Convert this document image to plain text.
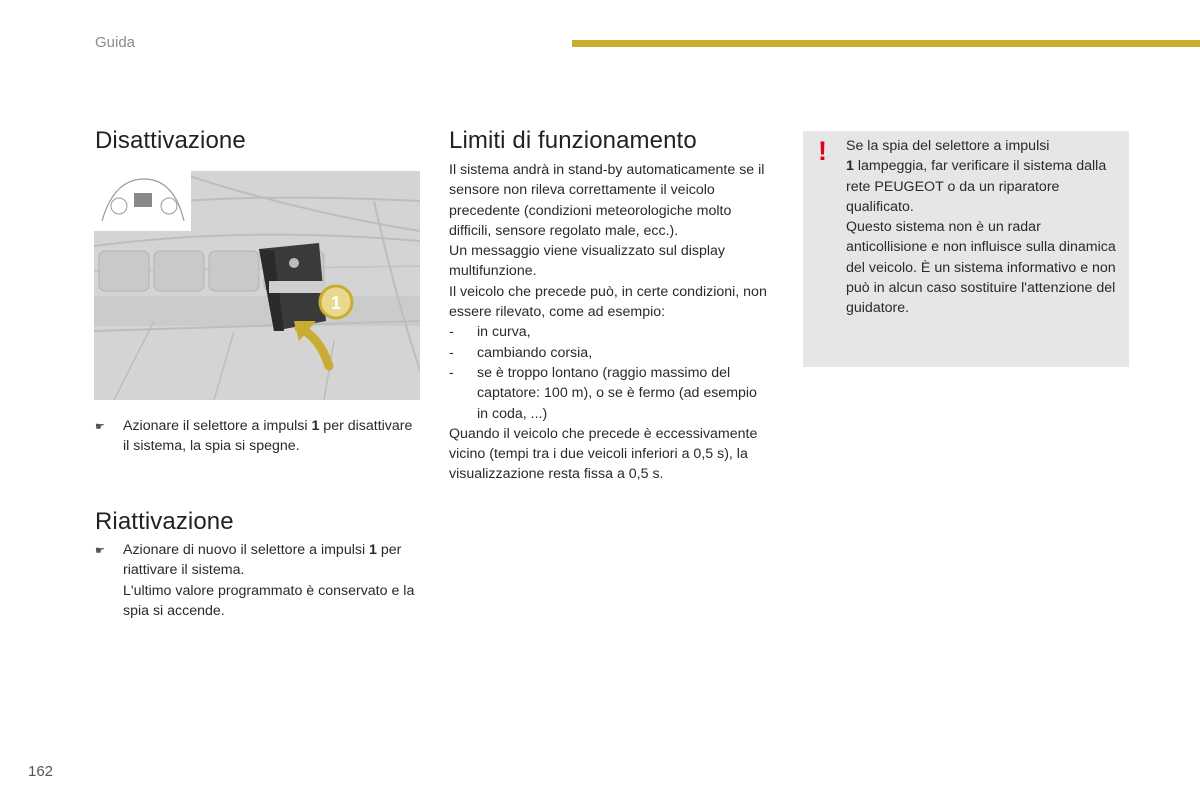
Guida
Disattivazione
1
☛ Azionare il selettore a impulsi 1 per disattivare il sistema, la spia si spegne.
Riattivazione
☛ Azionare di nuovo il selettore a impulsi 1 per riattivare il sistema.
L'ultimo valore programmato è conservato e la spia si accende.
Limiti di funzionamento

Il sistema andrà in stand-by automaticamente se il sensore non rileva correttamente il veicolo precedente (condizioni meteorologiche molto difficili, sensore regolato male, ecc.).

Un messaggio viene visualizzato sul display multifunzione.

Il veicolo che precede può, in certe condizioni, non essere rilevato, come ad esempio:

- in curva,
- cambiando corsia,
- se è troppo lontano (raggio massimo del captatore: 100 m), o se è fermo (ad esempio in coda, ...)

Quando il veicolo che precede è eccessivamente vicino (tempi tra i due veicoli inferiori a 0,5 s), la visualizzazione resta fissa a 0,5 s.

! Se la spia del selettore a impulsi
1 lampeggia, far verificare il sistema dalla rete PEUGEOT o da un riparatore qualificato.

Questo sistema non è un radar anticollisione e non influisce sulla dinamica del veicolo. È un sistema informativo e non può in alcun caso sostituire l'attenzione del guidatore.

162
